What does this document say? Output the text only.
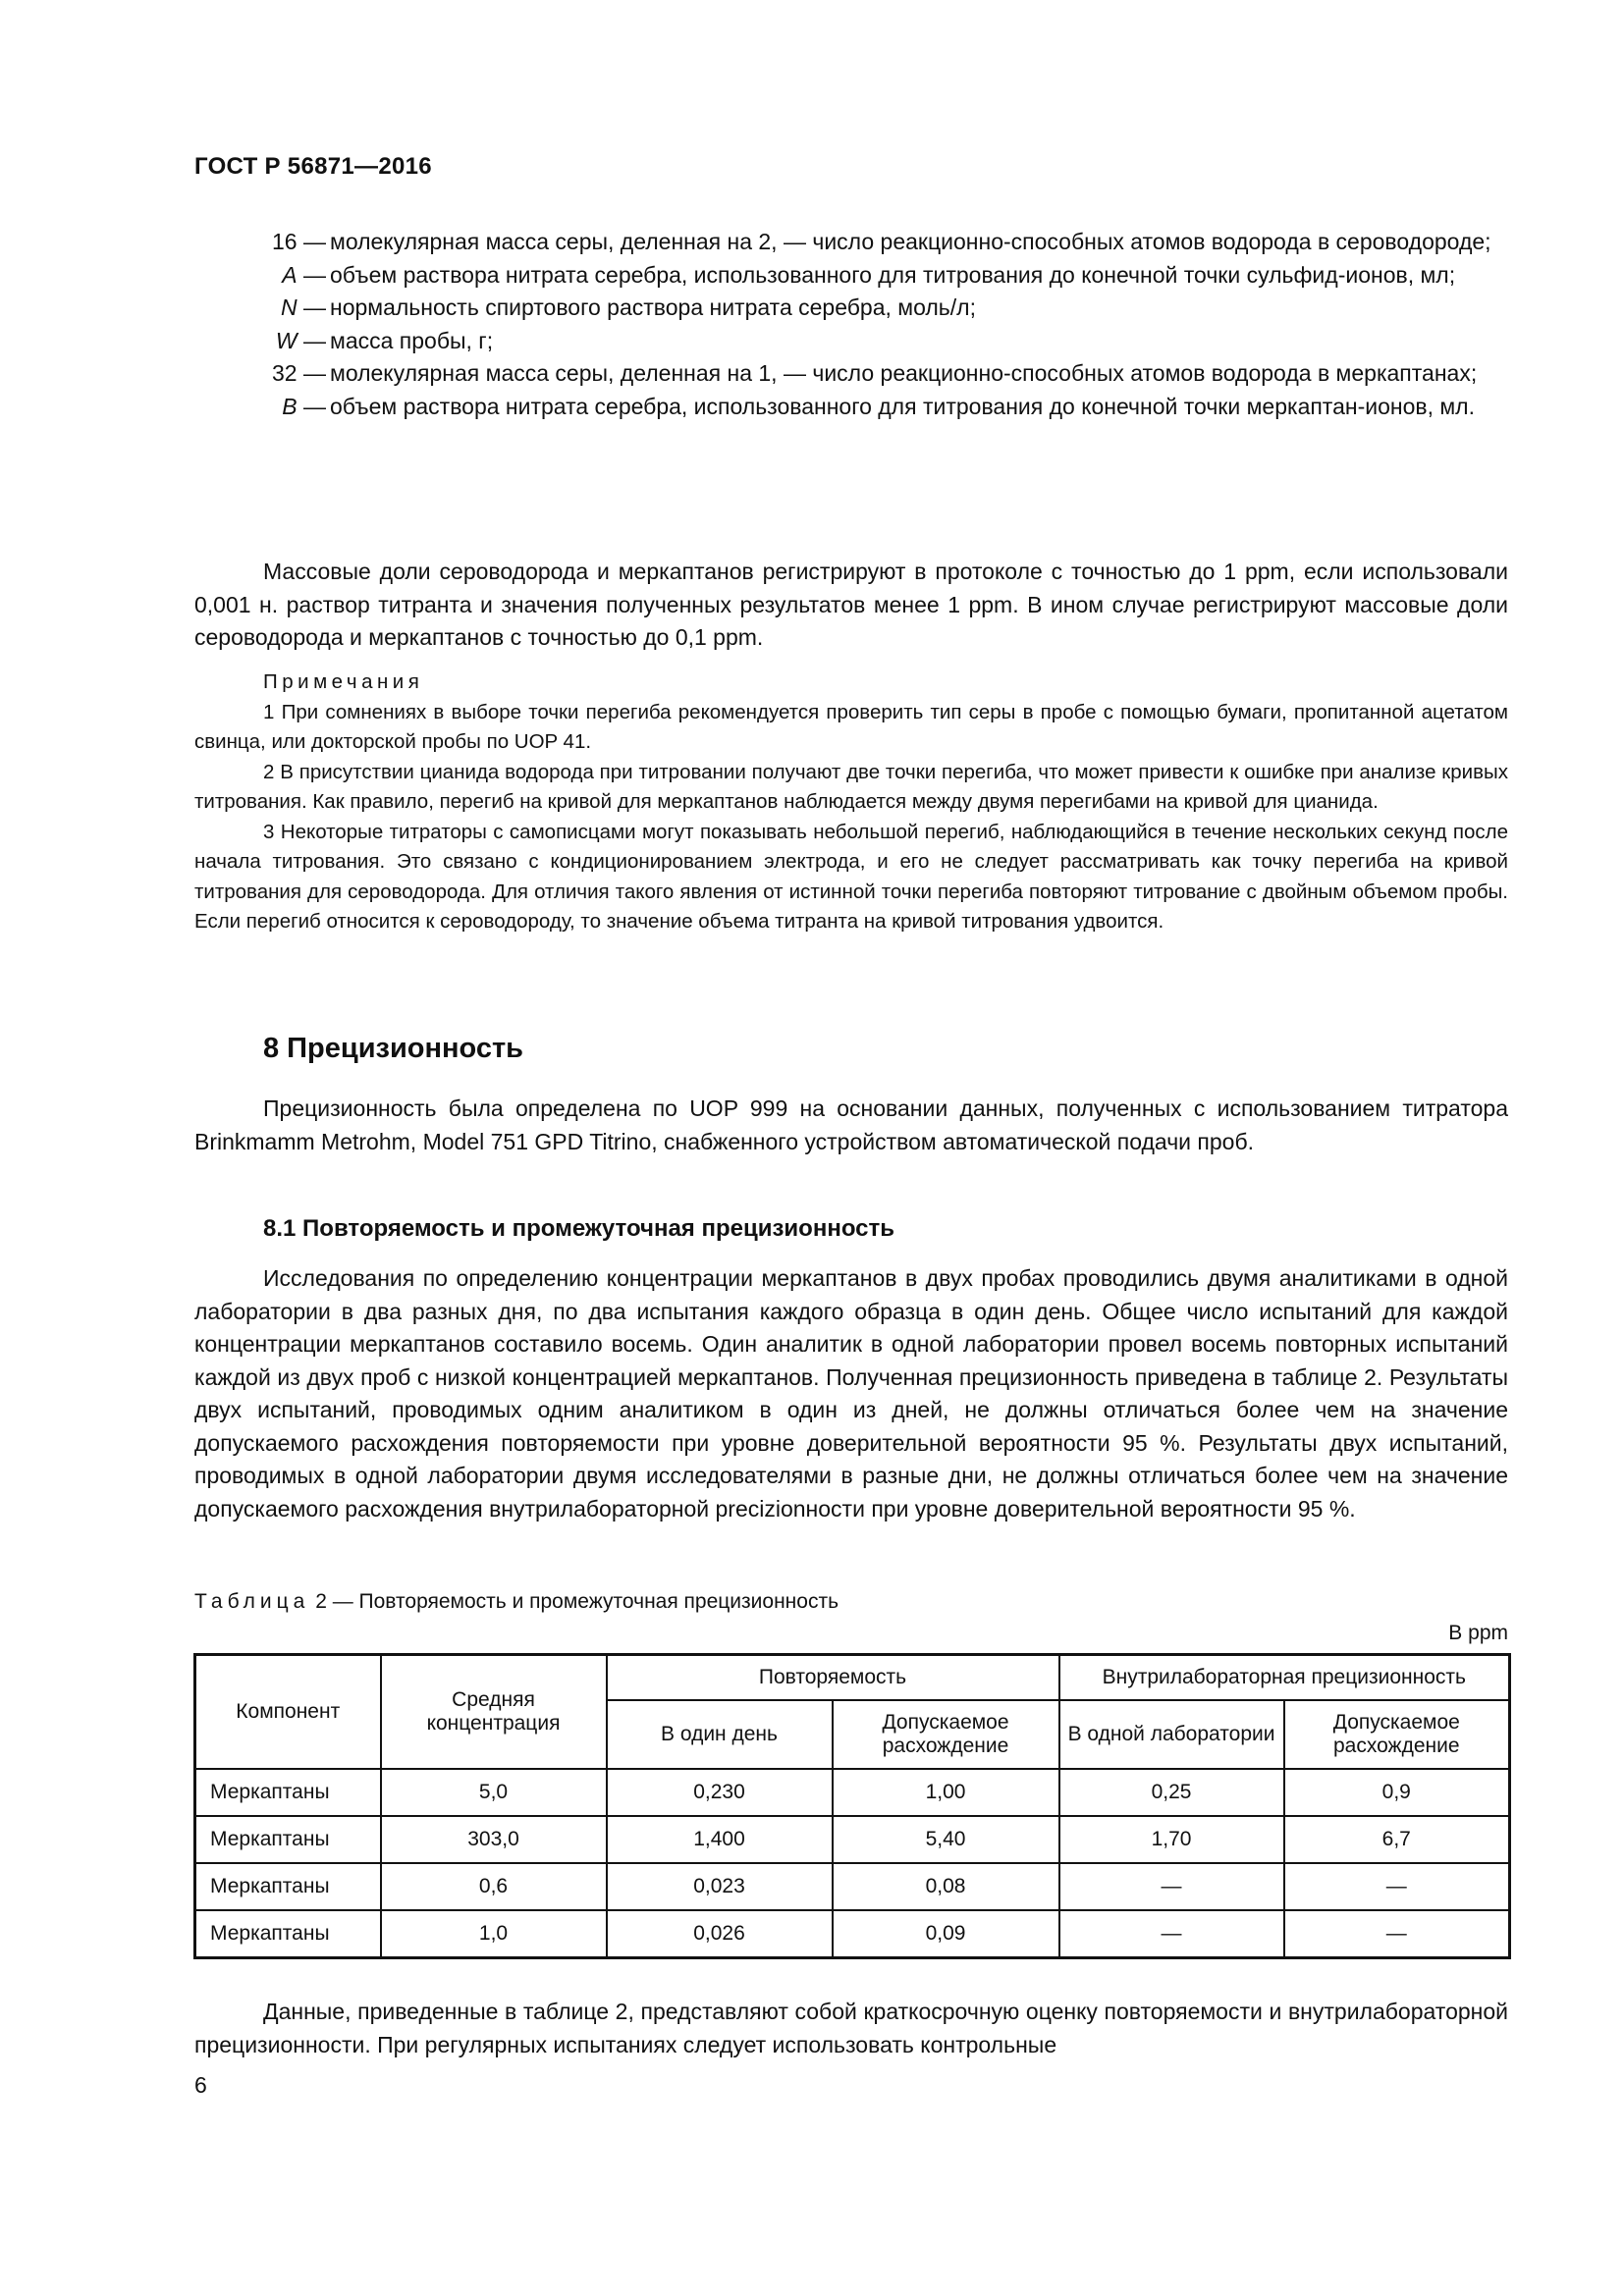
ГОСТ Р 56871—2016
16 — молекулярная масса серы, деленная на 2, — число реакционно-способных атомов водорода в сероводороде;
A — объем раствора нитрата серебра, использованного для титрования до конечной точки сульфид-ионов, мл;
N — нормальность спиртового раствора нитрата серебра, моль/л;
W — масса пробы, г;
32 — молекулярная масса серы, деленная на 1, — число реакционно-способных атомов водорода в меркаптанах;
B — объем раствора нитрата серебра, использованного для титрования до конечной точки меркаптан-ионов, мл.
Массовые доли сероводорода и меркаптанов регистрируют в протоколе с точностью до 1 ppm, если использовали 0,001 н. раствор титранта и значения полученных результатов менее 1 ppm. В ином случае регистрируют массовые доли сероводорода и меркаптанов с точностью до 0,1 ppm.
Примечания

1 При сомнениях в выборе точки перегиба рекомендуется проверить тип серы в пробе с помощью бумаги, пропитанной ацетатом свинца, или докторской пробы по UOP 41.

2 В присутствии цианида водорода при титровании получают две точки перегиба, что может привести к ошибке при анализе кривых титрования. Как правило, перегиб на кривой для меркаптанов наблюдается между двумя перегибами на кривой для цианида.

3 Некоторые титраторы с самописцами могут показывать небольшой перегиб, наблюдающийся в течение нескольких секунд после начала титрования. Это связано с кондиционированием электрода, и его не следует рассматривать как точку перегиба на кривой титрования для сероводорода. Для отличия такого явления от истинной точки перегиба повторяют титрование с двойным объемом пробы. Если перегиб относится к сероводороду, то значение объема титранта на кривой титрования удвоится.

8 Прецизионность
Прецизионность была определена по UOP 999 на основании данных, полученных с использованием титратора Brinkmamm Metrohm, Model 751 GPD Titrino, снабженного устройством автоматической подачи проб.
8.1 Повторяемость и промежуточная прецизионность
Исследования по определению концентрации меркаптанов в двух пробах проводились двумя аналитиками в одной лаборатории в два разных дня, по два испытания каждого образца в один день. Общее число испытаний для каждой концентрации меркаптанов составило восемь. Один аналитик в одной лаборатории провел восемь повторных испытаний каждой из двух проб с низкой концентрацией меркаптанов. Полученная прецизионность приведена в таблице 2. Результаты двух испытаний, проводимых одним аналитиком в один из дней, не должны отличаться более чем на значение допускаемого расхождения повторяемости при уровне доверительной вероятности 95 %. Результаты двух испытаний, проводимых в одной лаборатории двумя исследователями в разные дни, не должны отличаться более чем на значение допускаемого расхождения внутрилабораторной precizionности при уровне доверительной вероятности 95 %.
Таблица 2 — Повторяемость и промежуточная прецизионность
В ppm
Компонент	Средняя концентрация	Повторяемость		Внутрилабораторная прецизионность	
		В один день	Допускаемое расхождение	В одной лаборатории	Допускаемое расхождение
Меркаптаны	5,0	0,230	1,00	0,25	0,9
Меркаптаны	303,0	1,400	5,40	1,70	6,7
Меркаптаны	0,6	0,023	0,08	—	—
Меркаптаны	1,0	0,026	0,09	—	—
Данные, приведенные в таблице 2, представляют собой краткосрочную оценку повторяемости и внутрилабораторной прецизионности. При регулярных испытаниях следует использовать контрольные
6
